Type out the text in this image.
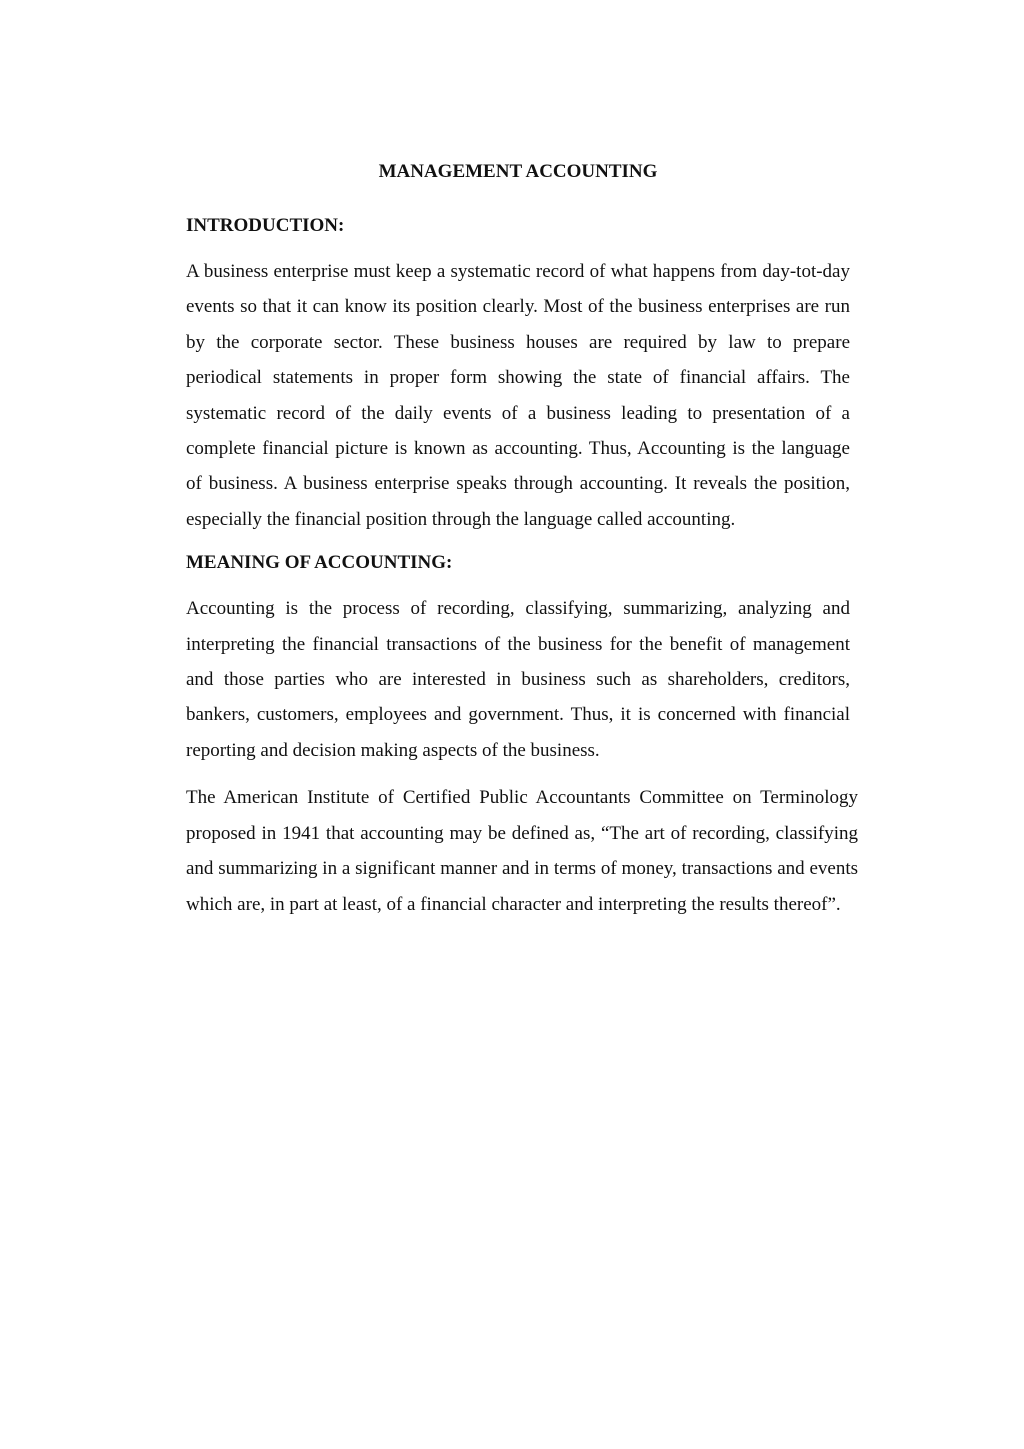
MANAGEMENT ACCOUNTING
INTRODUCTION:

A business enterprise must keep a systematic record of what happens from day-tot-day events so that it can know its position clearly. Most of the business enterprises are run by the corporate sector. These business houses are required by law to prepare periodical statements in proper form showing the state of financial affairs. The systematic record of the daily events of a business leading to presentation of a complete financial picture is known as accounting. Thus, Accounting is the language of business. A business enterprise speaks through accounting. It reveals the position, especially the financial position through the language called accounting.

MEANING OF ACCOUNTING:

Accounting is the process of recording, classifying, summarizing, analyzing and interpreting the financial transactions of the business for the benefit of management and those parties who are interested in business such as shareholders, creditors, bankers, customers, employees and government. Thus, it is concerned with financial reporting and decision making aspects of the business.

The American Institute of Certified Public Accountants Committee on Terminology proposed in 1941 that accounting may be defined as, “The art of recording, classifying and summarizing in a significant manner and in terms of money, transactions and events which are, in part at least, of a financial character and interpreting the results thereof”.
